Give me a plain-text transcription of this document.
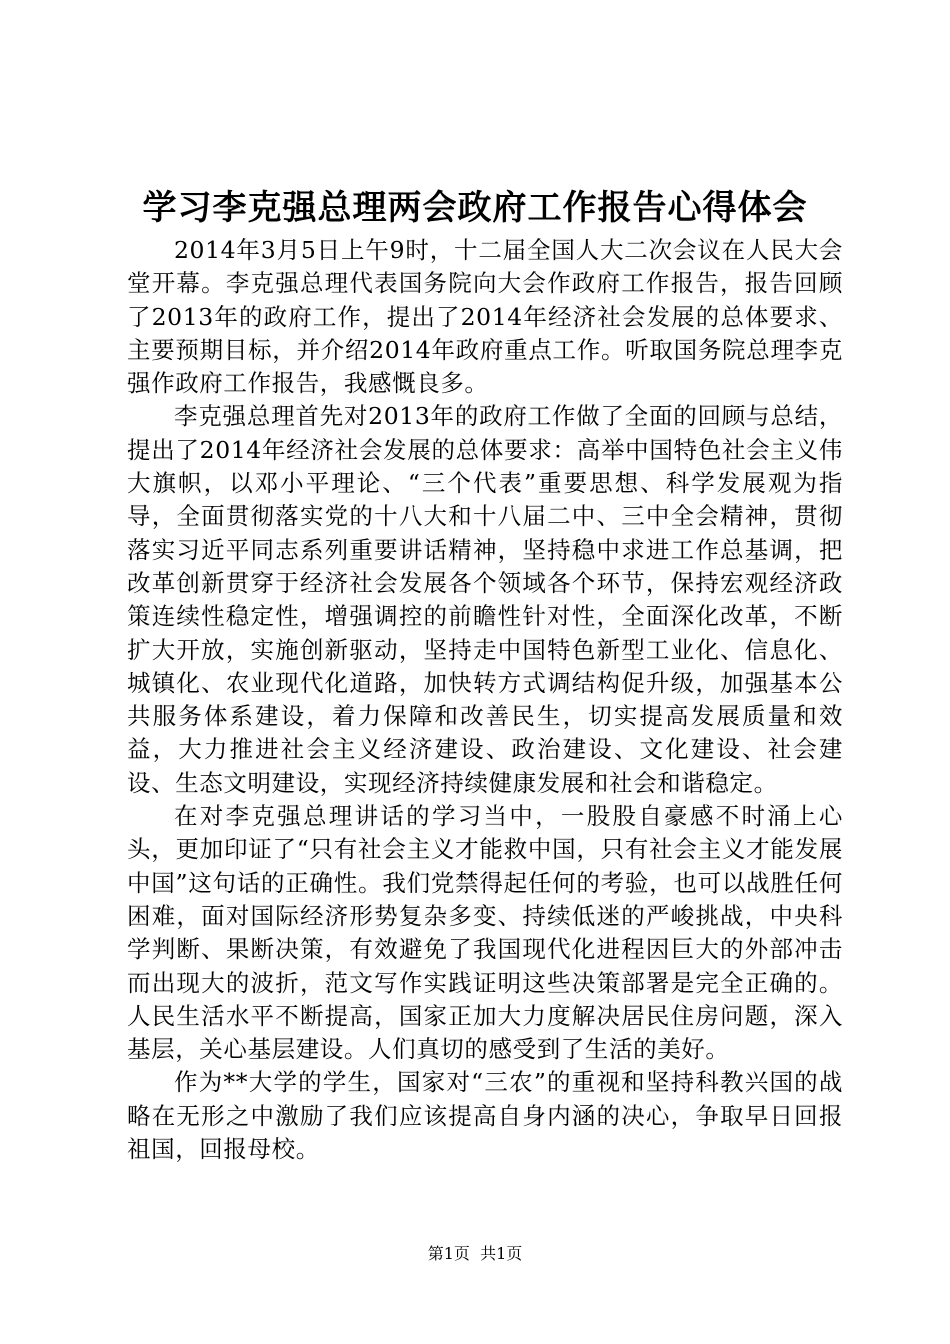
学习李克强总理两会政府工作报告心得体会

2014年3月5日上午9时，十二届全国人大二次会议在人民大会堂开幕。李克强总理代表国务院向大会作政府工作报告，报告回顾了2013年的政府工作，提出了2014年经济社会发展的总体要求、主要预期目标，并介绍2014年政府重点工作。听取国务院总理李克强作政府工作报告，我感慨良多。

李克强总理首先对2013年的政府工作做了全面的回顾与总结，提出了2014年经济社会发展的总体要求：高举中国特色社会主义伟大旗帜，以邓小平理论、“三个代表”重要思想、科学发展观为指导，全面贯彻落实党的十八大和十八届二中、三中全会精神，贯彻落实习近平同志系列重要讲话精神，坚持稳中求进工作总基调，把改革创新贯穿于经济社会发展各个领域各个环节，保持宏观经济政策连续性稳定性，增强调控的前瞻性针对性，全面深化改革，不断扩大开放，实施创新驱动，坚持走中国特色新型工业化、信息化、城镇化、农业现代化道路，加快转方式调结构促升级，加强基本公共服务体系建设，着力保障和改善民生，切实提高发展质量和效益，大力推进社会主义经济建设、政治建设、文化建设、社会建设、生态文明建设，实现经济持续健康发展和社会和谐稳定。

在对李克强总理讲话的学习当中，一股股自豪感不时涌上心头，更加印证了“只有社会主义才能救中国，只有社会主义才能发展中国”这句话的正确性。我们党禁得起任何的考验，也可以战胜任何困难，面对国际经济形势复杂多变、持续低迷的严峻挑战，中央科学判断、果断决策，有效避免了我国现代化进程因巨大的外部冲击而出现大的波折，范文写作实践证明这些决策部署是完全正确的。人民生活水平不断提高，国家正加大力度解决居民住房问题，深入基层，关心基层建设。人们真切的感受到了生活的美好。

作为**大学的学生，国家对“三农”的重视和坚持科教兴国的战略在无形之中激励了我们应该提高自身内涵的决心，争取早日回报祖国，回报母校。

第1页 共1页
